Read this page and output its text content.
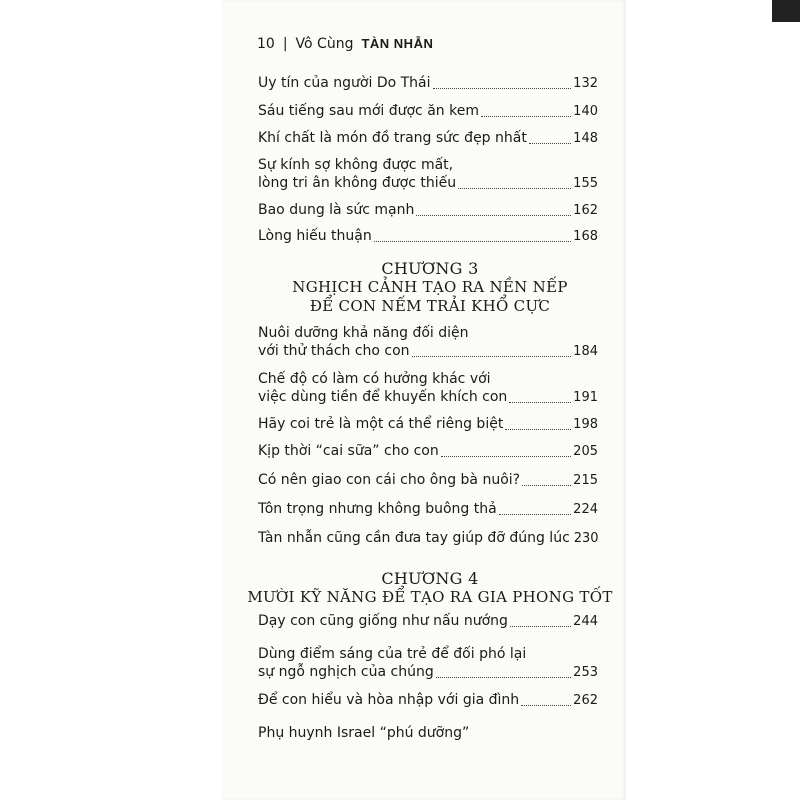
10 | Vô Cùng TÀN NHẪN
Uy tín của người Do Thái	132
Sáu tiếng sau mới được ăn kem	140
Khí chất là món đồ trang sức đẹp nhất	148
Sự kính sợ không được mất,
lòng tri ân không được thiếu	155
Bao dung là sức mạnh	162
Lòng hiếu thuận	168
CHƯƠNG 3
NGHỊCH CẢNH TẠO RA NỀN NẾP
ĐỂ CON NẾM TRẢI KHỔ CỰC
Nuôi dưỡng khả năng đối diện
với thử thách cho con	184
Chế độ có làm có hưởng khác với
việc dùng tiền để khuyến khích con	191
Hãy coi trẻ là một cá thể riêng biệt	198
Kịp thời “cai sữa” cho con	205
Có nên giao con cái cho ông bà nuôi?	215
Tôn trọng nhưng không buông thả	224
Tàn nhẫn cũng cần đưa tay giúp đỡ đúng lúc 230
CHƯƠNG 4
MƯỜI KỸ NĂNG ĐỂ TẠO RA GIA PHONG TỐT
Dạy con cũng giống như nấu nướng	244
Dùng điểm sáng của trẻ để đối phó lại
sự ngỗ nghịch của chúng	253
Để con hiểu và hòa nhập với gia đình	262
Phụ huynh Israel “phú dưỡng”
